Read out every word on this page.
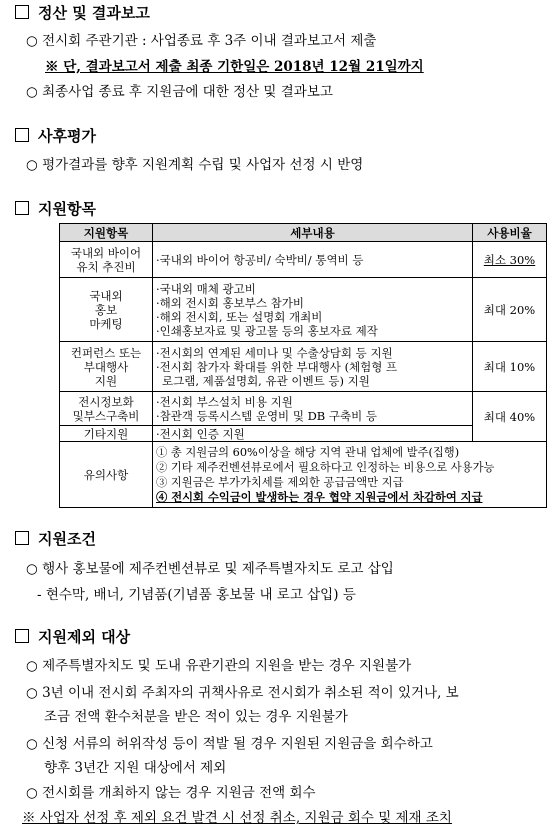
정산 및 결과보고
○ 전시회 주관기관 : 사업종료 후 3주 이내 결과보고서 제출
※ 단, 결과보고서 제출 최종 기한일은 2018년 12월 21일까지
○ 최종사업 종료 후 지원금에 대한 정산 및 결과보고
사후평가
○ 평가결과를 향후 지원계획 수립 및 사업자 선정 시 반영
지원항목
지원항목	세부내용	사용비율

국내외 바이어
유치 추진비	·국내외 바이어 항공비/ 숙박비/ 통역비 등	최소 30%

국내외
홍보
마케팅	·국내외 매체 광고비
·해외 전시회 홍보부스 참가비
·해외 전시회, 또는 설명회 개최비
·인쇄홍보자료 및 광고물 등의 홍보자료 제작	최대 20%

컨퍼런스 또는
부대행사
지원	·전시회의 연계된 세미나 및 수출상담회 등 지원
·전시회 참가자 확대를 위한 부대행사 (체험형 프
로그램, 제품설명회, 유관 이벤트 등) 지원	최대 10%

전시정보화
및부스구축비	·전시회 부스설치 비용 지원
·참관객 등록시스템 운영비 및 DB 구축비 등	최대 40%

기타지원	·전시회 인증 지원	

유의사항	① 총 지원금의 60%이상을 해당 지역 관내 업체에 발주(집행)
② 기타 제주컨벤션뷰로에서 필요하다고 인정하는 비용으로 사용가능
③ 지원금은 부가가치세를 제외한 공급금액만 지급
④ 전시회 수익금이 발생하는 경우 협약 지원금에서 차감하여 지급	
지원조건
○ 행사 홍보물에 제주컨벤션뷰로 및 제주특별자치도 로고 삽입
- 현수막, 배너, 기념품(기념품 홍보물 내 로고 삽입) 등
지원제외 대상
○ 제주특별자치도 및 도내 유관기관의 지원을 받는 경우 지원불가
○ 3년 이내 전시회 주최자의 귀책사유로 전시회가 취소된 적이 있거나, 보
조금 전액 환수처분을 받은 적이 있는 경우 지원불가
○ 신청 서류의 허위작성 등이 적발 될 경우 지원된 지원금을 회수하고
향후 3년간 지원 대상에서 제외
○ 전시회를 개최하지 않는 경우 지원금 전액 회수
※ 사업자 선정 후 제외 요건 발견 시 선정 취소, 지원금 회수 및 제재 조치
